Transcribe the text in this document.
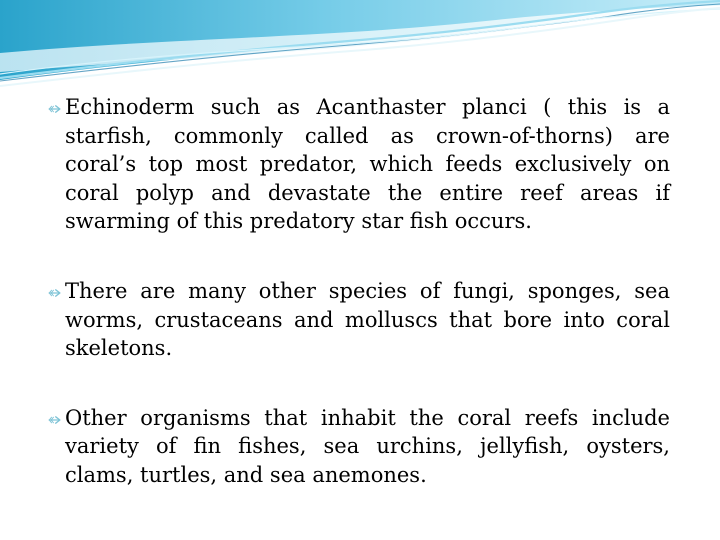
Echinoderm such as Acanthaster planci ( this is a starfish, commonly called as crown-of-thorns) are coral’s top most predator, which feeds exclusively on coral polyp and devastate the entire reef areas if swarming of this predatory star fish occurs.

There are many other species of fungi, sponges, sea worms, crustaceans and molluscs that bore into coral skeletons.

Other organisms that inhabit the coral reefs include variety of fin fishes, sea urchins, jellyfish, oysters, clams, turtles, and sea anemones.
